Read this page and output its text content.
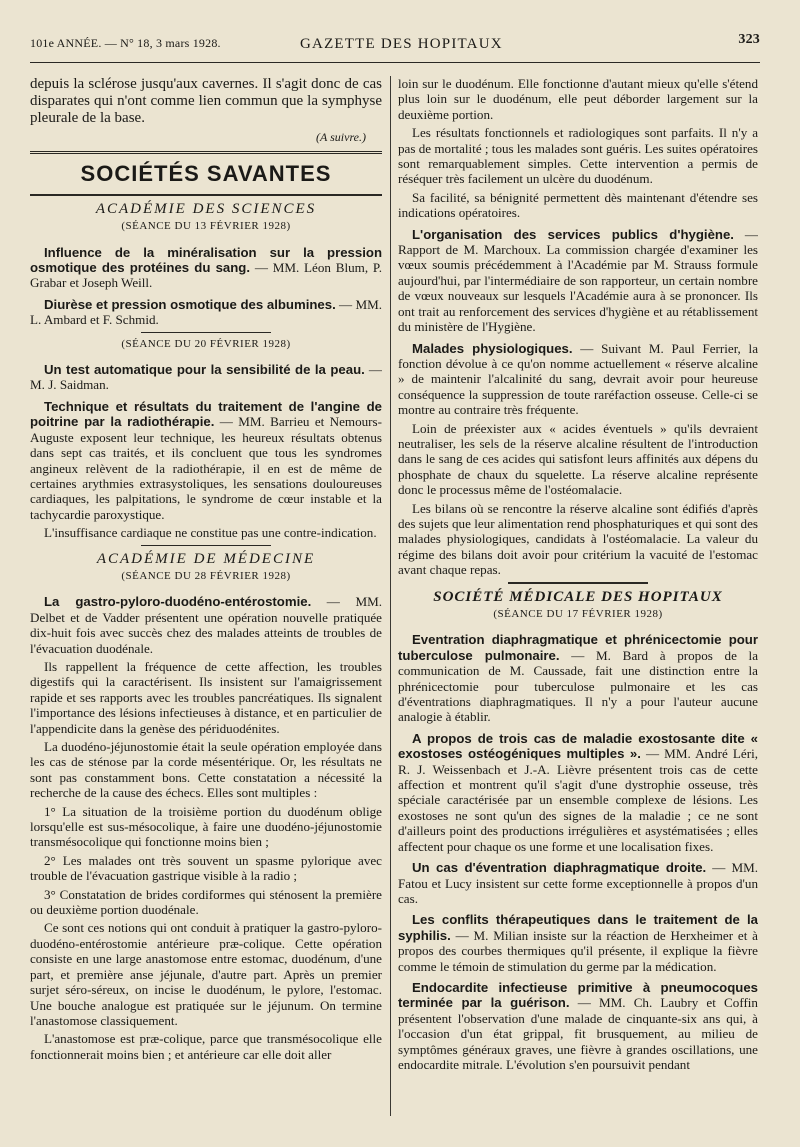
101e ANNÉE. — N° 18, 3 mars 1928.	GAZETTE DES HOPITAUX	323

depuis la sclérose jusqu'aux cavernes. Il s'agit donc de cas disparates qui n'ont comme lien commun que la symphyse pleurale de la base.

(A suivre.)

SOCIÉTÉS SAVANTES
ACADÉMIE DES SCIENCES
(SÉANCE DU 13 FÉVRIER 1928)

Influence de la minéralisation sur la pression osmotique des protéines du sang. — MM. Léon Blum, P. Grabar et Joseph Weill.

Diurèse et pression osmotique des albumines. — MM. L. Ambard et F. Schmid.

(SÉANCE DU 20 FÉVRIER 1928)

Un test automatique pour la sensibilité de la peau. — M. J. Saidman.

Technique et résultats du traitement de l'angine de poitrine par la radiothérapie. — MM. Barrieu et Nemours-Auguste exposent leur technique, les heureux résultats obtenus dans sept cas traités, et ils concluent que tous les syndromes angineux relèvent de la radiothérapie, il en est de même de certaines arythmies extrasystoliques, les sensations douloureuses cardiaques, les palpitations, le syndrome de cœur instable et la tachycardie paroxystique.

L'insuffisance cardiaque ne constitue pas une contre-indication.

ACADÉMIE DE MÉDECINE
(SÉANCE DU 28 FÉVRIER 1928)

La gastro-pyloro-duodéno-entérostomie. — MM. Delbet et de Vadder présentent une opération nouvelle pratiquée dix-huit fois avec succès chez des malades atteints de troubles de l'évacuation duodénale.

Ils rappellent la fréquence de cette affection, les troubles digestifs qui la caractérisent. Ils insistent sur l'amaigrissement rapide et ses rapports avec les troubles pancréatiques. Ils signalent l'importance des lésions infectieuses à distance, et en particulier de l'appendicite dans la genèse des périduodénites.

La duodéno-jéjunostomie était la seule opération employée dans les cas de sténose par la corde mésentérique. Or, les résultats ne sont pas constamment bons. Cette constatation a nécessité la recherche de la cause des échecs. Elles sont multiples :

1° La situation de la troisième portion du duodénum oblige lorsqu'elle est sus-mésocolique, à faire une duodéno-jéjunostomie transmésocolique qui fonctionne moins bien ;

2° Les malades ont très souvent un spasme pylorique avec trouble de l'évacuation gastrique visible à la radio ;

3° Constatation de brides cordiformes qui sténosent la première ou deuxième portion duodénale.

Ce sont ces notions qui ont conduit à pratiquer la gastro-pyloro-duodéno-entérostomie antérieure præ-colique. Cette opération consiste en une large anastomose entre estomac, duodénum, d'une part, et première anse jéjunale, d'autre part. Après un premier surjet séro-séreux, on incise le duodénum, le pylore, l'estomac. Une bouche analogue est pratiquée sur le jéjunum. On termine l'anastomose classiquement.

L'anastomose est præ-colique, parce que transmésocolique elle fonctionnerait moins bien ; et antérieure car elle doit aller

loin sur le duodénum. Elle fonctionne d'autant mieux qu'elle s'étend plus loin sur le duodénum, elle peut déborder largement sur la deuxième portion.

Les résultats fonctionnels et radiologiques sont parfaits. Il n'y a pas de mortalité ; tous les malades sont guéris. Les suites opératoires sont remarquablement simples. Cette intervention a permis de réséquer très facilement un ulcère du duodénum.

Sa facilité, sa bénignité permettent dès maintenant d'étendre ses indications opératoires.

L'organisation des services publics d'hygiène. — Rapport de M. Marchoux. La commission chargée d'examiner les vœux soumis précédemment à l'Académie par M. Strauss formule aujourd'hui, par l'intermédiaire de son rapporteur, un certain nombre de vœux nouveaux sur lesquels l'Académie aura à se prononcer. Ils ont trait au renforcement des services d'hygiène et au rétablissement du ministère de l'Hygiène.

Malades physiologiques. — Suivant M. Paul Ferrier, la fonction dévolue à ce qu'on nomme actuellement « réserve alcaline » de maintenir l'alcalinité du sang, devrait avoir pour heureuse conséquence la suppression de toute raréfaction osseuse. Celle-ci se montre au contraire très fréquente.

Loin de préexister aux « acides éventuels » qu'ils devraient neutraliser, les sels de la réserve alcaline résultent de l'introduction dans le sang de ces acides qui satisfont leurs affinités aux dépens du phosphate de chaux du squelette. La réserve alcaline représente donc le processus même de l'ostéomalacie.

Les bilans où se rencontre la réserve alcaline sont édifiés d'après des sujets que leur alimentation rend phosphaturiques et qui sont des malades physiologiques, candidats à l'ostéomalacie. La valeur du régime des bilans doit avoir pour critérium la vacuité de l'estomac avant chaque repas.

SOCIÉTÉ MÉDICALE DES HOPITAUX
(SÉANCE DU 17 FÉVRIER 1928)

Eventration diaphragmatique et phrénicectomie pour tuberculose pulmonaire. — M. Bard à propos de la communication de M. Caussade, fait une distinction entre la phrénicectomie pour tuberculose pulmonaire et les cas d'éventrations diaphragmatiques. Il n'y a pour l'auteur aucune analogie à établir.

A propos de trois cas de maladie exostosante dite « exostoses ostéogéniques multiples ». — MM. André Léri, R. J. Weissenbach et J.-A. Lièvre présentent trois cas de cette affection et montrent qu'il s'agit d'une dystrophie osseuse, très spéciale caractérisée par un ensemble complexe de lésions. Les exostoses ne sont qu'un des signes de la maladie ; ce ne sont d'ailleurs point des productions irrégulières et asystématisées ; elles affectent pour chaque os une forme et une localisation fixes.

Un cas d'éventration diaphragmatique droite. — MM. Fatou et Lucy insistent sur cette forme exceptionnelle à propos d'un cas.

Les conflits thérapeutiques dans le traitement de la syphilis. — M. Milian insiste sur la réaction de Herxheimer et à propos des courbes thermiques qu'il présente, il explique la fièvre comme le témoin de stimulation du germe par la médication.

Endocardite infectieuse primitive à pneumocoques terminée par la guérison. — MM. Ch. Laubry et Coffin présentent l'observation d'une malade de cinquante-six ans qui, à l'occasion d'un état grippal, fit brusquement, au milieu de symptômes généraux graves, une fièvre à grandes oscillations, une endocardite mitrale. L'évolution s'en poursuivit pendant
